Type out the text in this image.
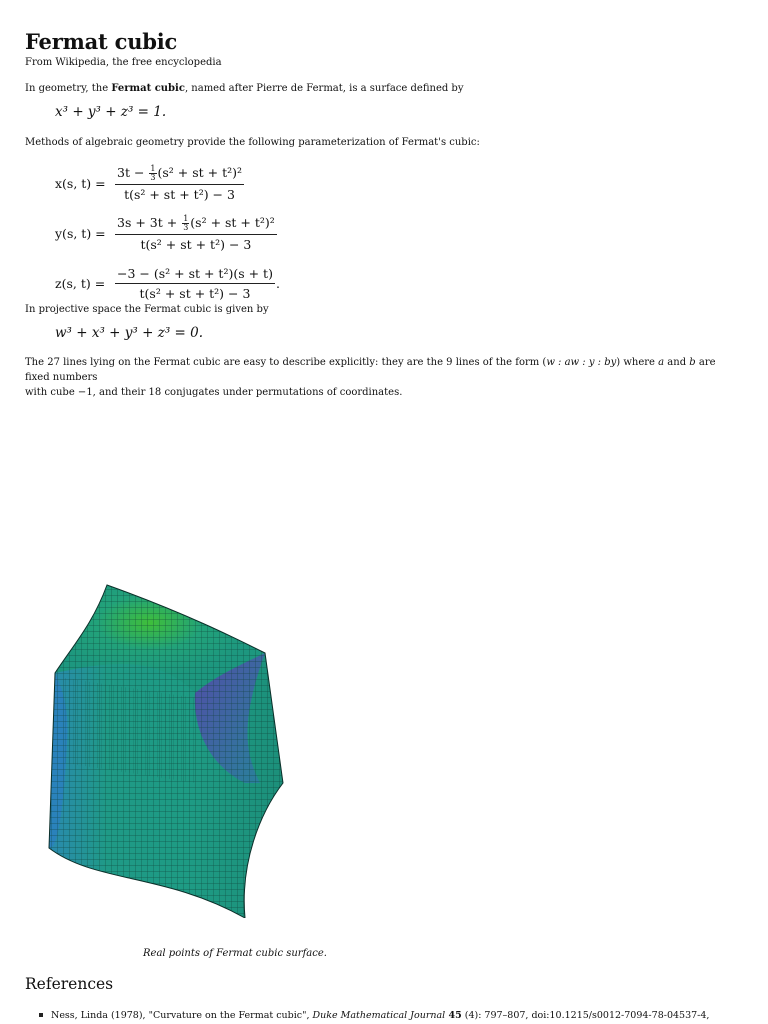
Fermat cubic
From Wikipedia, the free encyclopedia

In geometry, the Fermat cubic, named after Pierre de Fermat, is a surface defined by

x³ + y³ + z³ = 1.

Methods of algebraic geometry provide the following parameterization of Fermat's cubic:

x(s, $t) = \frac{3t - \frac{1}{3} (s^2 + st + t^2)^2}{\text{t(s² + st + t²) − 3}}$
y(s, $t) = \frac{3s + 3t + \frac{1}{3} (s^2 + st + t^2)^2}{\text{t(s² + st + t²) − 3}}$
z(s, $t) = \frac{\text{−3 − (s² + st + t²)(s + t)}}{\text{t(s² + st + t²) − 3}}$ .

In projective space the Fermat cubic is given by

w³ + x³ + y³ + z³ = 0.

The 27 lines lying on the Fermat cubic are easy to describe explicitly: they are the 9 lines of the form (w : aw : y : by) where a and b are fixed numbers
with cube −1, and their 18 conjugates under permutations of coordinates.

Real points of Fermat cubic surface.
References
Ness, Linda (1978), "Curvature on the Fermat cubic", Duke Mathematical Journal 45 (4): 797–807, doi:10.1215/s0012-7094-78-04537-4,
